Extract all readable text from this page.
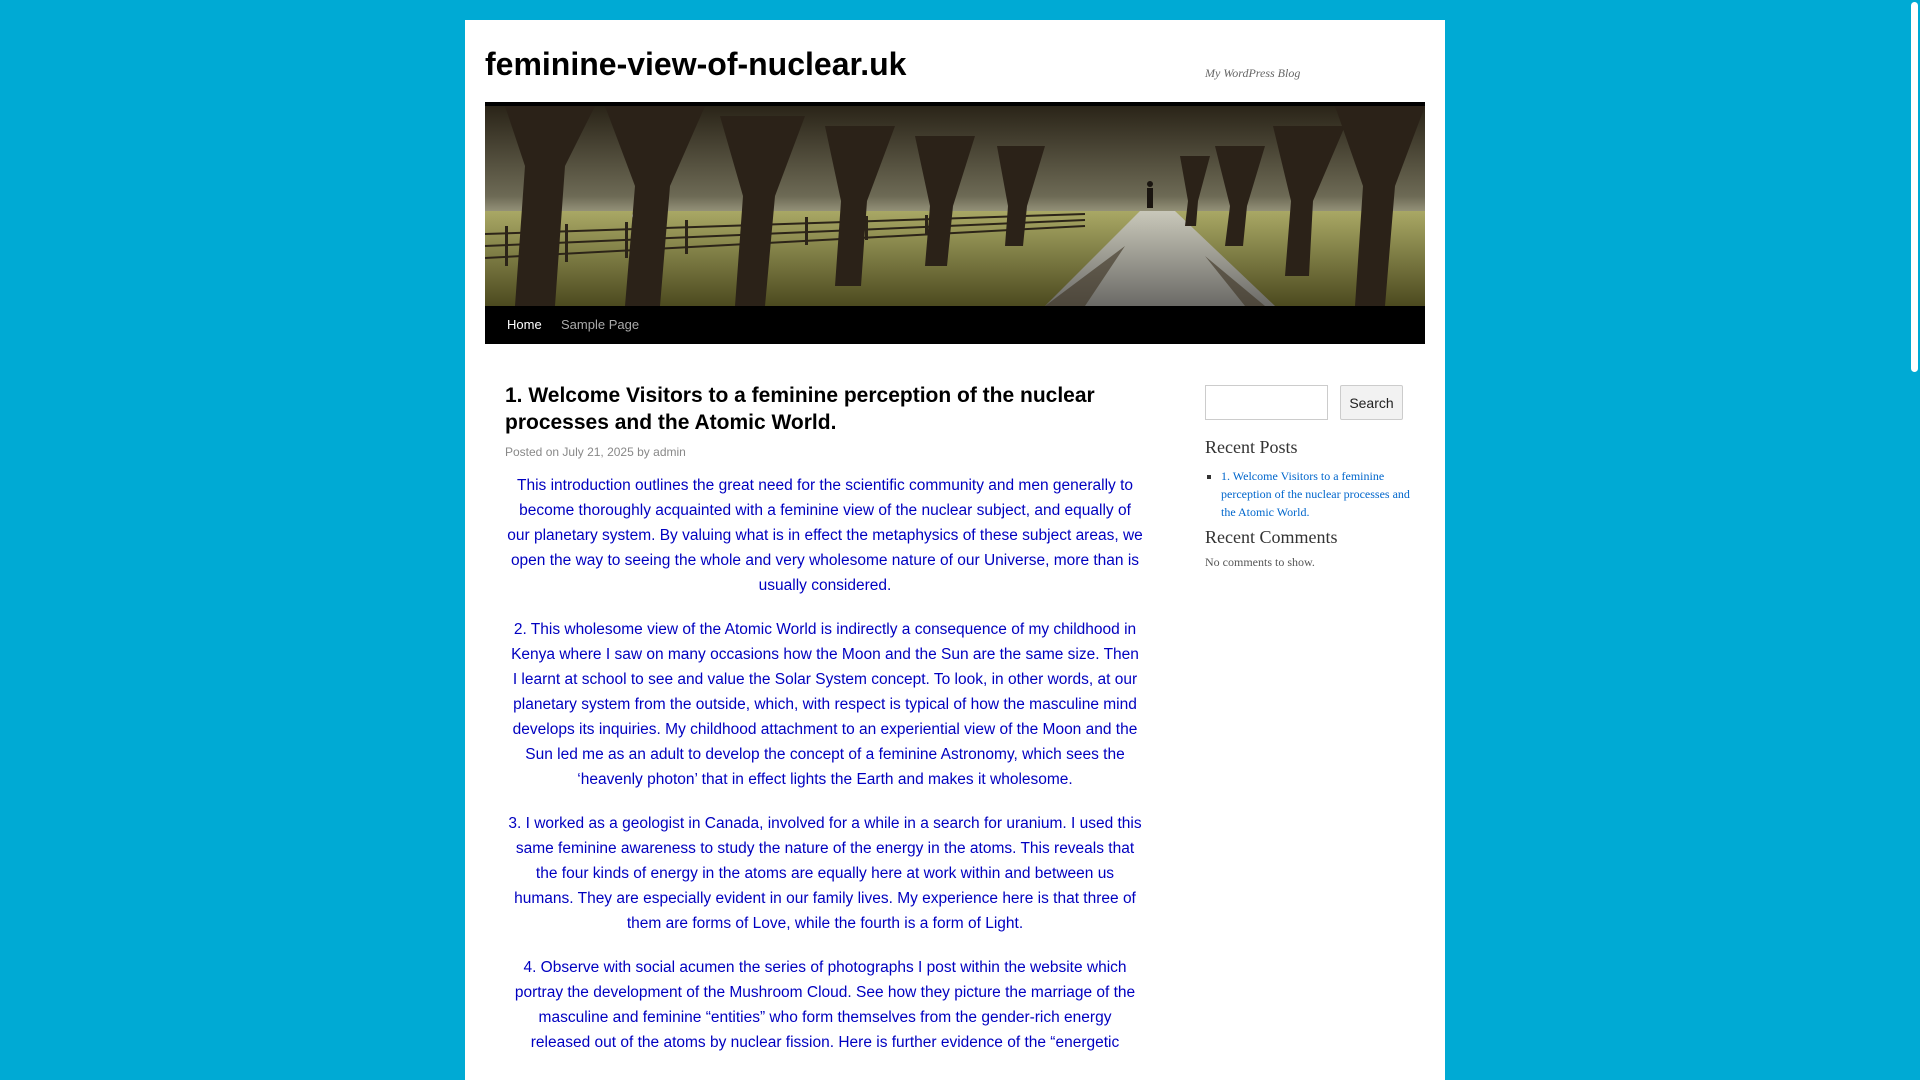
feminine-view-of-nuclear.uk	My WordPress Blog
Home Sample Page
1. Welcome Visitors to a feminine perception of the nuclear processes and the Atomic World.
Posted on July 21, 2025 by admin

This introduction outlines the great need for the scientific community and men generally to become thoroughly acquainted with a feminine view of the nuclear subject, and equally of our planetary system. By valuing what is in effect the metaphysics of these subject areas, we open the way to seeing the whole and very wholesome nature of our Universe, more than is usually considered.

2. This wholesome view of the Atomic World is indirectly a consequence of my childhood in Kenya where I saw on many occasions how the Moon and the Sun are the same size. Then I learnt at school to see and value the Solar System concept. To look, in other words, at our planetary system from the outside, which, with respect is typical of how the masculine mind develops its inquiries. My childhood attachment to an experiential view of the Moon and the Sun led me as an adult to develop the concept of a feminine Astronomy, which sees the ‘heavenly photon’ that in effect lights the Earth and makes it wholesome.

3. I worked as a geologist in Canada, involved for a while in a search for uranium. I used this same feminine awareness to study the nature of the energy in the atoms. This reveals that the four kinds of energy in the atoms are equally here at work within and between us humans. They are especially evident in our family lives. My experience here is that three of them are forms of Love, while the fourth is a form of Light.

4. Observe with social acumen the series of photographs I post within the website which portray the development of the Mushroom Cloud. See how they picture the marriage of the masculine and feminine “entities” who form themselves from the gender-rich energy released out of the atoms by nuclear fission. Here is further evidence of the “energetic

Search
Recent Posts
▪ 1. Welcome Visitors to a feminine perception of the nuclear processes and the Atomic World.
Recent Comments
No comments to show.
